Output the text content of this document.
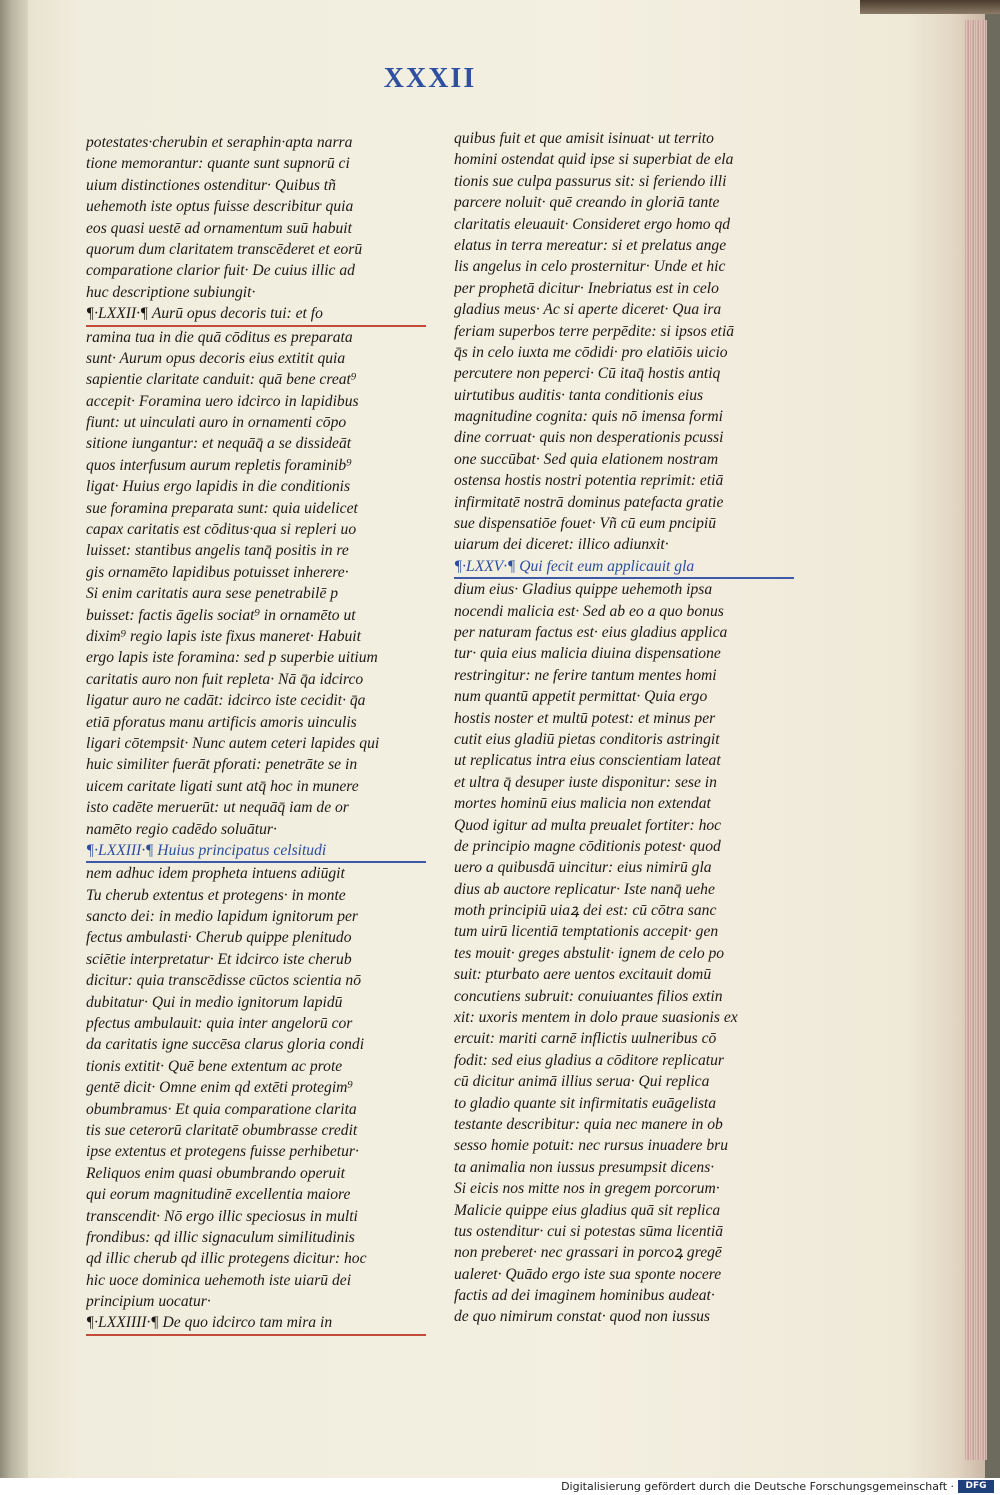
XXXII
potestates·cherubin et seraphin·apta narra
tione memorantur: quante sunt supnorū ci
uium distinctiones ostenditur· Quibus tñ
uehemoth iste optus fuisse describitur quia
eos quasi uestē ad ornamentum suū habuit
quorum dum claritatem transcēderet et eorū
comparatione clarior fuit· De cuius illic ad
huc descriptione subiungit·
¶·LXXII·¶ Aurū opus decoris tui: et fo
ramina tua in die quā cōditus es preparata
sunt· Aurum opus decoris eius extitit quia
sapientie claritate canduit: quā bene creat⁹
accepit· Foramina uero idcirco in lapidibus
fiunt: ut uinculati auro in ornamenti cōpo
sitione iungantur: et nequāq̄ a se dissideāt
quos interfusum aurum repletis foraminib⁹
ligat· Huius ergo lapidis in die conditionis
sue foramina preparata sunt: quia uidelicet
capax caritatis est cōditus·qua si repleri uo
luisset: stantibus angelis tanq̄ positis in re
gis ornamēto lapidibus potuisset inherere·
Si enim caritatis aura sese penetrabilē p
buisset: factis āgelis sociat⁹ in ornamēto ut
dixim⁹ regio lapis iste fixus maneret· Habuit
ergo lapis iste foramina: sed p superbie uitium
caritatis auro non fuit repleta· Nā q̄a idcirco
ligatur auro ne cadāt: idcirco iste cecidit· q̄a
etiā pforatus manu artificis amoris uinculis
ligari cōtempsit· Nunc autem ceteri lapides qui
huic similiter fuerāt pforati: penetrāte se in
uicem caritate ligati sunt atq̄ hoc in munere
isto cadēte meruerūt: ut nequāq̄ iam de or
namēto regio cadēdo soluātur·
¶·LXXIII·¶ Huius principatus celsitudi
nem adhuc idem propheta intuens adiūgit
Tu cherub extentus et protegens· in monte
sancto dei: in medio lapidum ignitorum per
fectus ambulasti· Cherub quippe plenitudo
sciētie interpretatur· Et idcirco iste cherub
dicitur: quia transcēdisse cūctos scientia nō
dubitatur· Qui in medio ignitorum lapidū
pfectus ambulauit: quia inter angelorū cor
da caritatis igne succēsa clarus gloria condi
tionis extitit· Quē bene extentum ac prote
gentē dicit· Omne enim qd extēti protegim⁹
obumbramus· Et quia comparatione clarita
tis sue ceterorū claritatē obumbrasse credit
ipse extentus et protegens fuisse perhibetur·
Reliquos enim quasi obumbrando operuit
qui eorum magnitudinē excellentia maiore
transcendit· Nō ergo illic speciosus in multi
frondibus: qd illic signaculum similitudinis
qd illic cherub qd illic protegens dicitur: hoc
hic uoce dominica uehemoth iste uiarū dei
principium uocatur·
¶·LXXIIII·¶ De quo idcirco tam mira in
quibus fuit et que amisit isinuat· ut territo
homini ostendat quid ipse si superbiat de ela
tionis sue culpa passurus sit: si feriendo illi
parcere noluit· quē creando in gloriā tante
claritatis eleuauit· Consideret ergo homo qd
elatus in terra mereatur: si et prelatus ange
lis angelus in celo prosternitur· Unde et hic
per prophetā dicitur· Inebriatus est in celo
gladius meus· Ac si aperte diceret· Qua ira
feriam superbos terre perpēdite: si ipsos etiā
q̄s in celo iuxta me cōdidi· pro elatiōis uicio
percutere non peperci· Cū itaq̄ hostis antiq
uirtutibus auditis· tanta conditionis eius
magnitudine cognita: quis nō imensa formi
dine corruat· quis non desperationis pcussi
one succūbat· Sed quia elationem nostram
ostensa hostis nostri potentia reprimit: etiā
infirmitatē nostrā dominus patefacta gratie
sue dispensatiōe fouet· Vñ cū eum pncipiū
uiarum dei diceret: illico adiunxit·
¶·LXXV·¶ Qui fecit eum applicauit gla
dium eius· Gladius quippe uehemoth ipsa
nocendi malicia est· Sed ab eo a quo bonus
per naturam factus est· eius gladius applica
tur· quia eius malicia diuina dispensatione
restringitur: ne ferire tantum mentes homi
num quantū appetit permittat· Quia ergo
hostis noster et multū potest: et minus per
cutit eius gladiū pietas conditoris astringit
ut replicatus intra eius conscientiam lateat
et ultra q̄ desuper iuste disponitur: sese in
mortes hominū eius malicia non extendat
Quod igitur ad multa preualet fortiter: hoc
de principio magne cōditionis potest· quod
uero a quibusdā uincitur: eius nimirū gla
dius ab auctore replicatur· Iste nanq̄ uehe
moth principiū uiaꝝ dei est: cū cōtra sanc
tum uirū licentiā temptationis accepit· gen
tes mouit· greges abstulit· ignem de celo po
suit: pturbato aere uentos excitauit domū
concutiens subruit: conuiuantes filios extin
xit: uxoris mentem in dolo praue suasionis ex
ercuit: mariti carnē inflictis uulneribus cō
fodit: sed eius gladius a cōditore replicatur
cū dicitur animā illius serua· Qui replica
to gladio quante sit infirmitatis euāgelista
testante describitur: quia nec manere in ob
sesso homie potuit: nec rursus inuadere bru
ta animalia non iussus presumpsit dicens·
Si eicis nos mitte nos in gregem porcorum·
Malicie quippe eius gladius quā sit replica
tus ostenditur· cui si potestas sūma licentiā
non preberet· nec grassari in porcoꝝ gregē
ualeret· Quādo ergo iste sua sponte nocere
factis ad dei imaginem hominibus audeat·
de quo nimirum constat· quod non iussus
Digitalisierung gefördert durch die Deutsche Forschungsgemeinschaft ·	DFG
